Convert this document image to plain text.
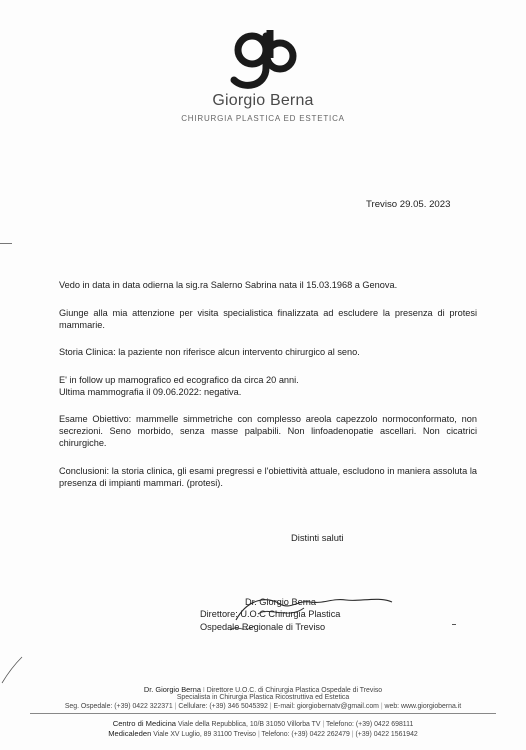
Giorgio Berna
CHIRURGIA PLASTICA ED ESTETICA
Treviso 29.05. 2023
Vedo in data in data odierna la sig.ra Salerno Sabrina nata il 15.03.1968 a Genova.
Giunge alla mia attenzione per visita specialistica finalizzata ad escludere la presenza di protesi mammarie.
Storia Clinica: la paziente non riferisce alcun intervento chirurgico al seno.
E' in follow up mamografico ed ecografico da circa 20 anni.
Ultima mammografia il 09.06.2022: negativa.
Esame Obiettivo: mammelle simmetriche con complesso areola capezzolo normoconformato, non secrezioni. Seno morbido, senza masse palpabili. Non linfoadenopatie ascellari. Non cicatrici chirurgiche.
Conclusioni: la storia clinica, gli esami pregressi e l'obiettività attuale, escludono in maniera assoluta la presenza di impianti mammari. (protesi).
Distinti saluti
Dr. Giorgio Berna
Direttore: U.O.C Chirurgia Plastica
Ospedale Regionale di Treviso
Dr. Giorgio Berna I Direttore U.O.C. di Chirurgia Plastica Ospedale di Treviso
Specialista in Chirurgia Plastica Ricostruttiva ed Estetica
Seg. Ospedale: (+39) 0422 322371 | Cellulare: (+39) 346 5045392 | E-mail: giorgiobernatv@gmail.com | web: www.giorgioberna.it
Centro di Medicina Viale della Repubblica, 10/B 31050 Villorba TV | Telefono: (+39) 0422 698111
Medicaleden Viale XV Luglio, 89 31100 Treviso | Telefono: (+39) 0422 262479 | (+39) 0422 1561942
